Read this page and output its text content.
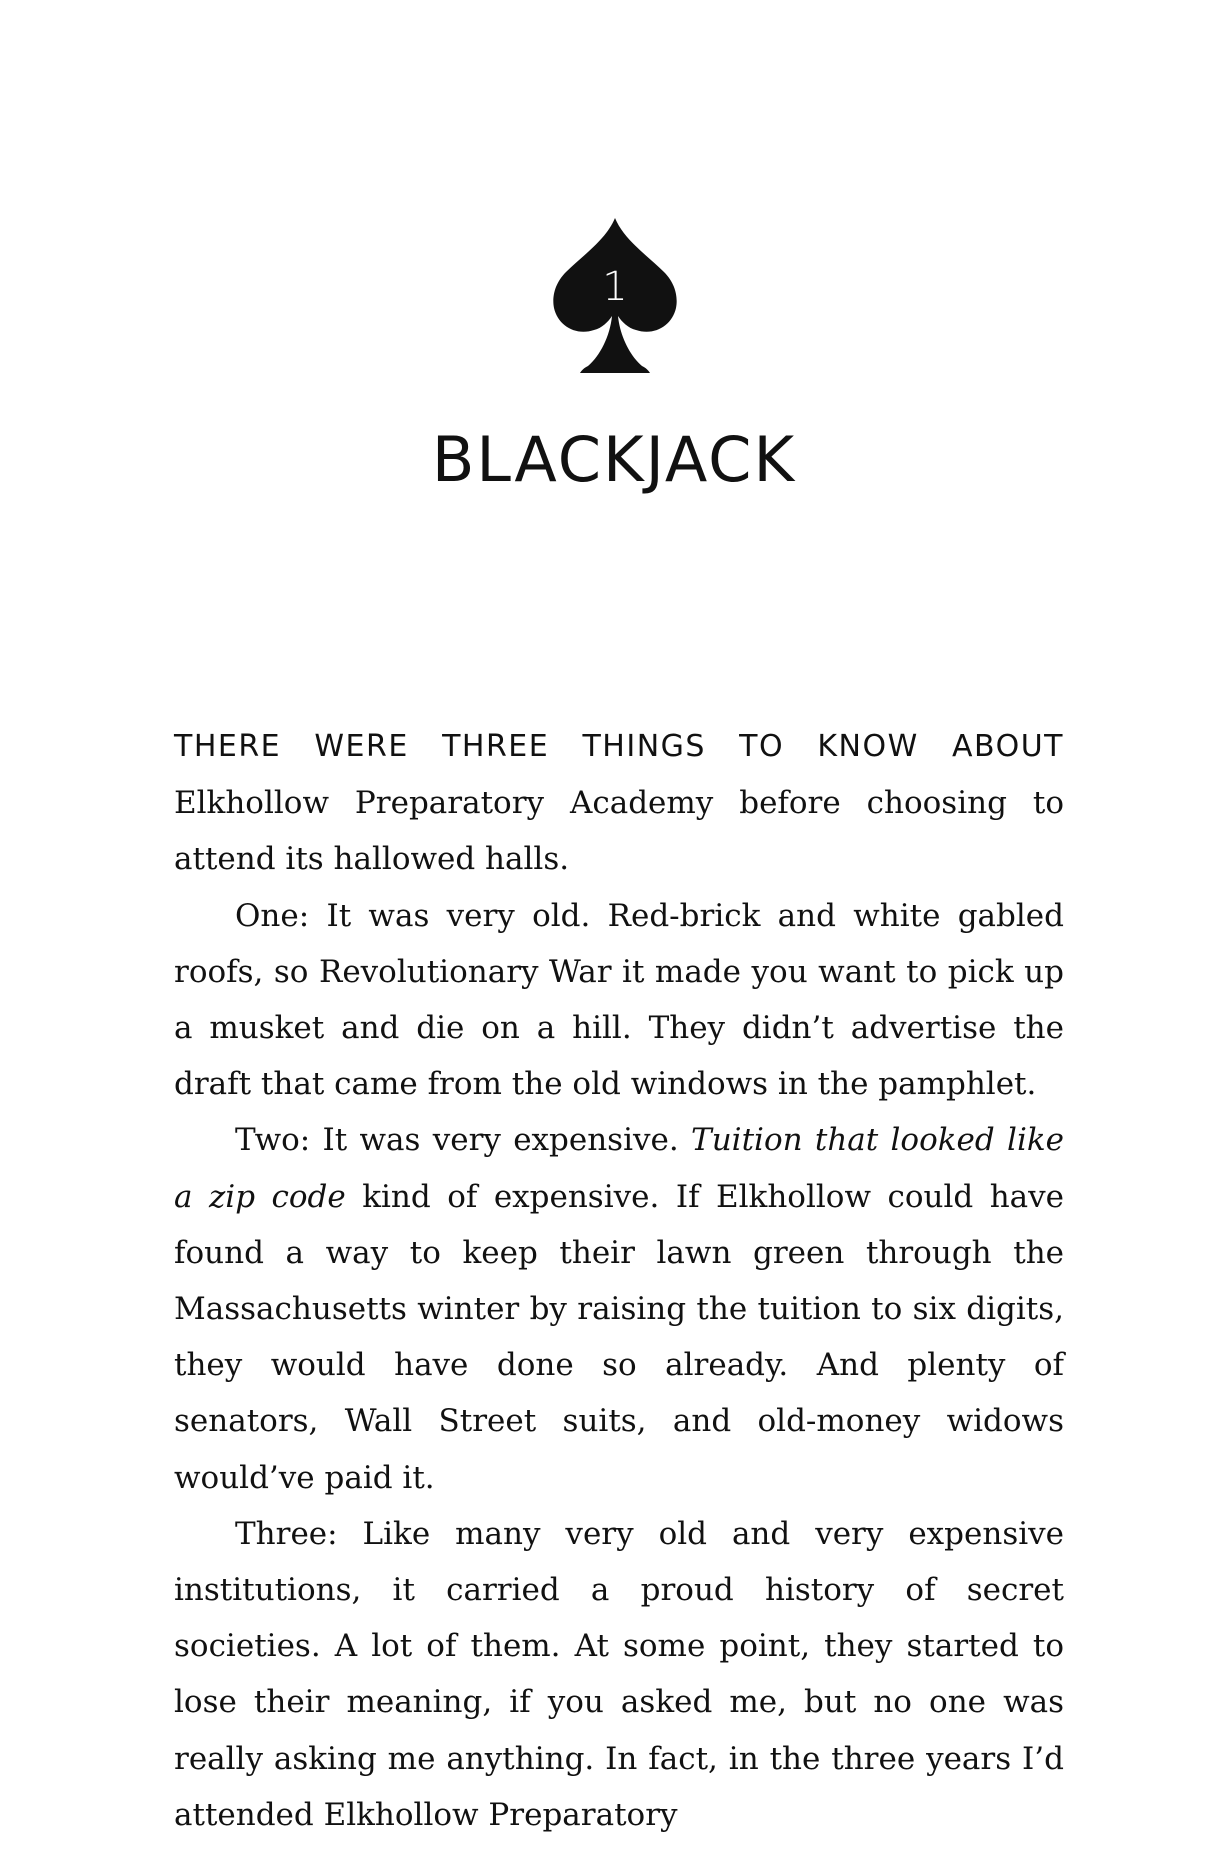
1
BLACKJACK

THERE WERE THREE THINGS TO KNOW ABOUT Elkhollow Preparatory Academy before choosing to attend its hallowed halls.

One: It was very old. Red-brick and white gabled roofs, so Revolutionary War it made you want to pick up a musket and die on a hill. They didn’t advertise the draft that came from the old windows in the pamphlet.

Two: It was very expensive. Tuition that looked like a zip code kind of expensive. If Elkhollow could have found a way to keep their lawn green through the Massachusetts winter by raising the tuition to six digits, they would have done so already. And plenty of senators, Wall Street suits, and old-money widows would’ve paid it.

Three: Like many very old and very expensive institutions, it carried a proud history of secret societies. A lot of them. At some point, they started to lose their meaning, if you asked me, but no one was really asking me anything. In fact, in the three years I’d attended Elkhollow Preparatory
